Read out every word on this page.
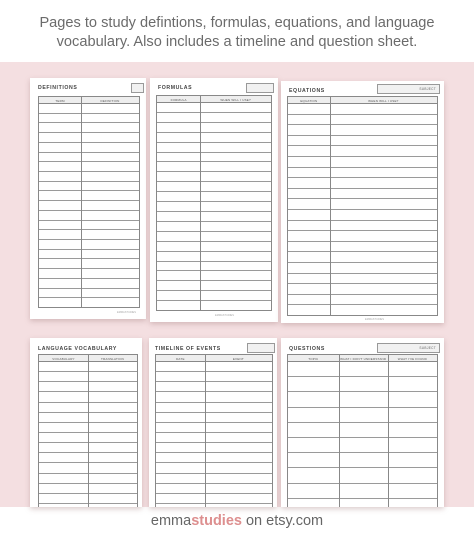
Pages to study defintions, formulas, equations, and language
vocabulary. Also includes a timeline and question sheet.
DEFINITIONS
TERM	DEFINITION
EMMASTUDIES
FORMULAS
FORMULA	WHEN WILL I USE?
EMMASTUDIES
EQUATIONS	SUBJECT
EQUATION	WHEN WILL I USE?
EMMASTUDIES
LANGUAGE VOCABULARY
VOCABULARY	TRANSLATION
TIMELINE OF EVENTS
DATE	EVENT
QUESTIONS	SUBJECT
TOPIC	WHAT I DON'T UNDERSTAND	WHAT I'VE FOUND
emmastudies on etsy.com
